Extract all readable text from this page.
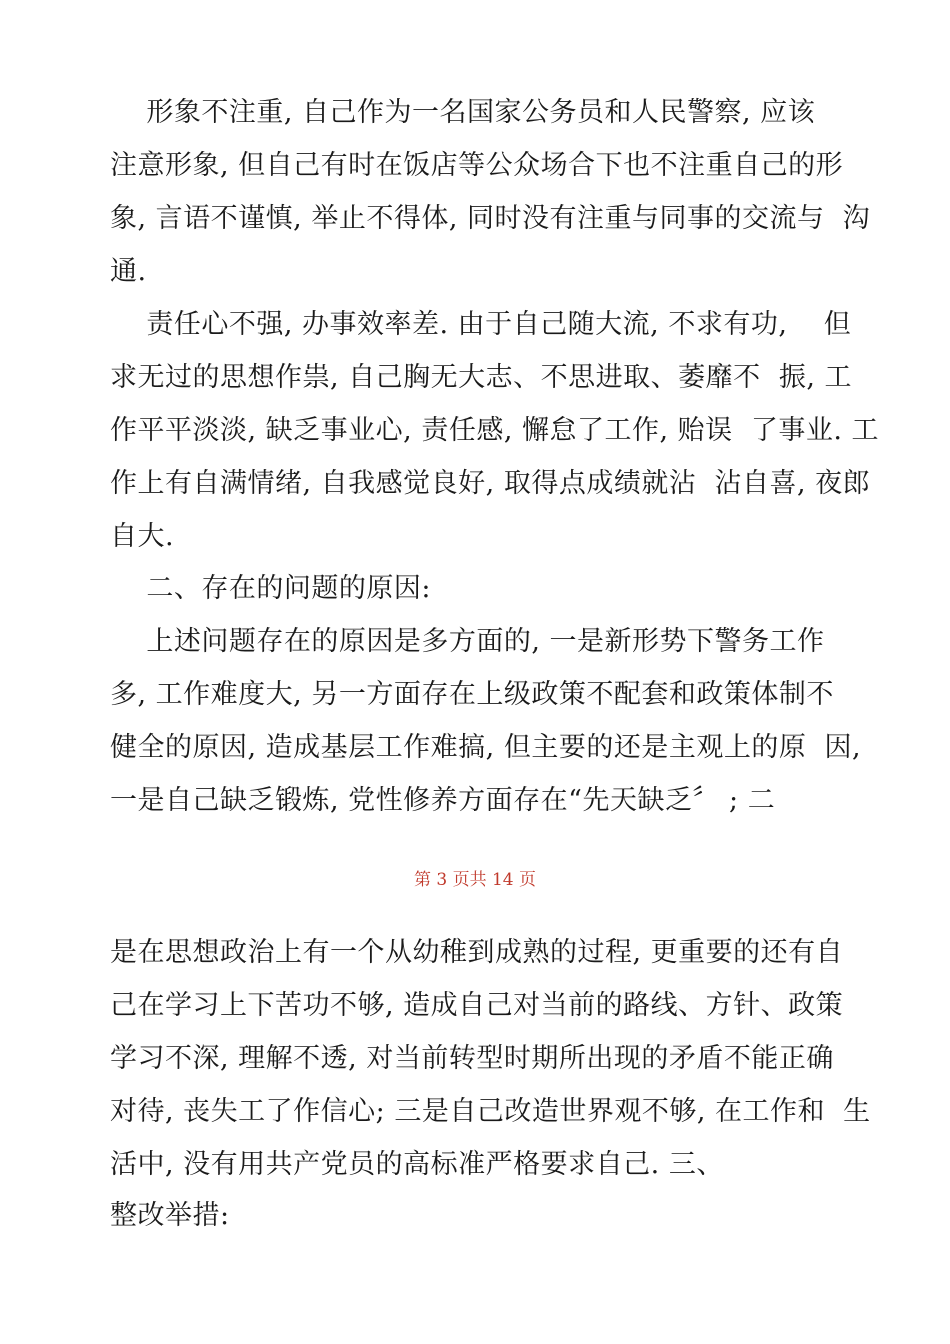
形象不注重, 自己作为一名国家公务员和人民警察, 应该
注意形象, 但自己有时在饭店等公众场合下也不注重自己的形
象, 言语不谨慎, 举止不得体, 同时没有注重与同事的交流与  沟
通.
责任心不强, 办事效率差. 由于自己随大流, 不求有功,    但
求无过的思想作祟, 自己胸无大志、不思进取、萎靡不  振, 工
作平平淡淡, 缺乏事业心, 责任感, 懈怠了工作, 贻误  了事业. 工
作上有自满情绪, 自我感觉良好, 取得点成绩就沾  沾自喜, 夜郎
自大.
二、存在的问题的原因:
上述问题存在的原因是多方面的, 一是新形势下警务工作
多, 工作难度大, 另一方面存在上级政策不配套和政策体制不
健全的原因, 造成基层工作难搞, 但主要的还是主观上的原  因,
一是自己缺乏锻炼, 党性修养方面存在“先天缺乏〞 ; 二
第 3 页共 14 页
是在思想政治上有一个从幼稚到成熟的过程, 更重要的还有自
己在学习上下苦功不够, 造成自己对当前的路线、方针、政策
学习不深, 理解不透, 对当前转型时期所出现的矛盾不能正确
对待, 丧失工了作信心; 三是自己改造世界观不够, 在工作和  生
活中, 没有用共产党员的高标准严格要求自己. 三、
整改举措:
